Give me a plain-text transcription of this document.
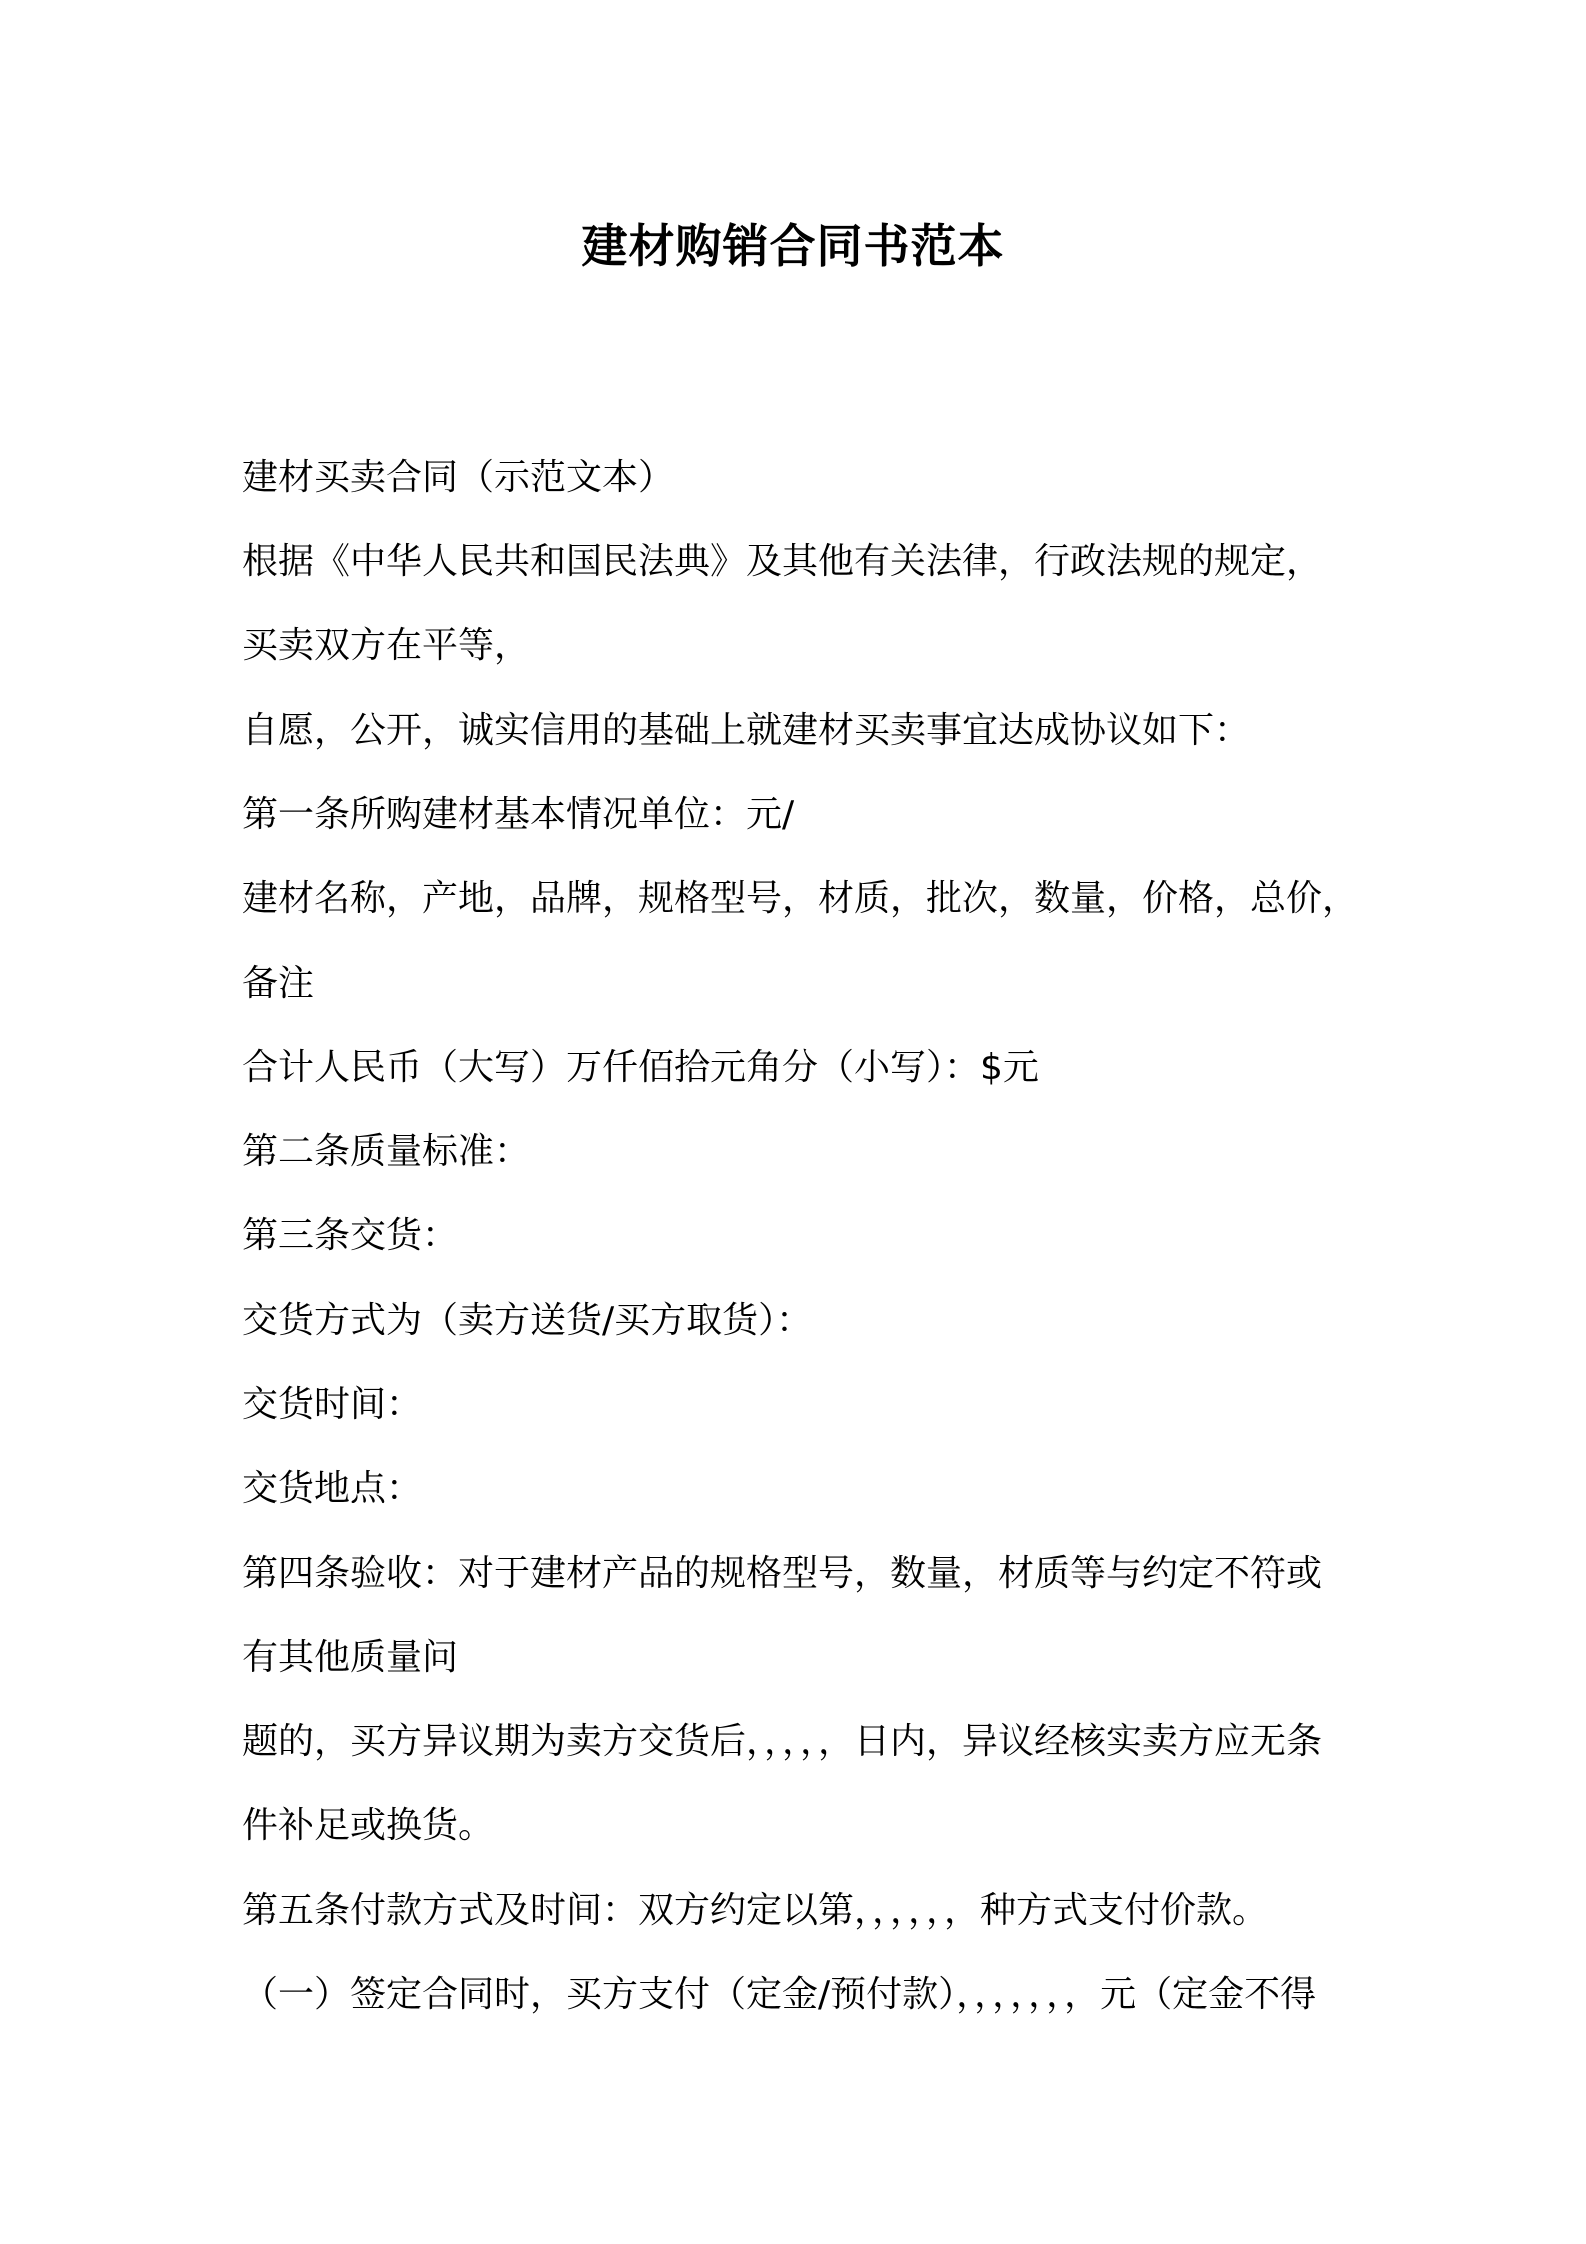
建材购销合同书范本
建材买卖合同（示范文本）
根据《中华人民共和国民法典》及其他有关法律，行政法规的规定，
买卖双方在平等，
自愿，公开，诚实信用的基础上就建材买卖事宜达成协议如下：
第一条所购建材基本情况单位：元/
建材名称，产地，品牌，规格型号，材质，批次，数量，价格，总价，
备注
合计人民币（大写）万仟佰拾元角分（小写）：$元
第二条质量标准：
第三条交货：
交货方式为（卖方送货/买方取货）：
交货时间：
交货地点：
第四条验收：对于建材产品的规格型号，数量，材质等与约定不符或
有其他质量问
题的，买方异议期为卖方交货后，，，，，日内，异议经核实卖方应无条
件补足或换货。
第五条付款方式及时间：双方约定以第，，，，，，种方式支付价款。
（一）签定合同时，买方支付（定金/预付款），，，，，，，元（定金不得
